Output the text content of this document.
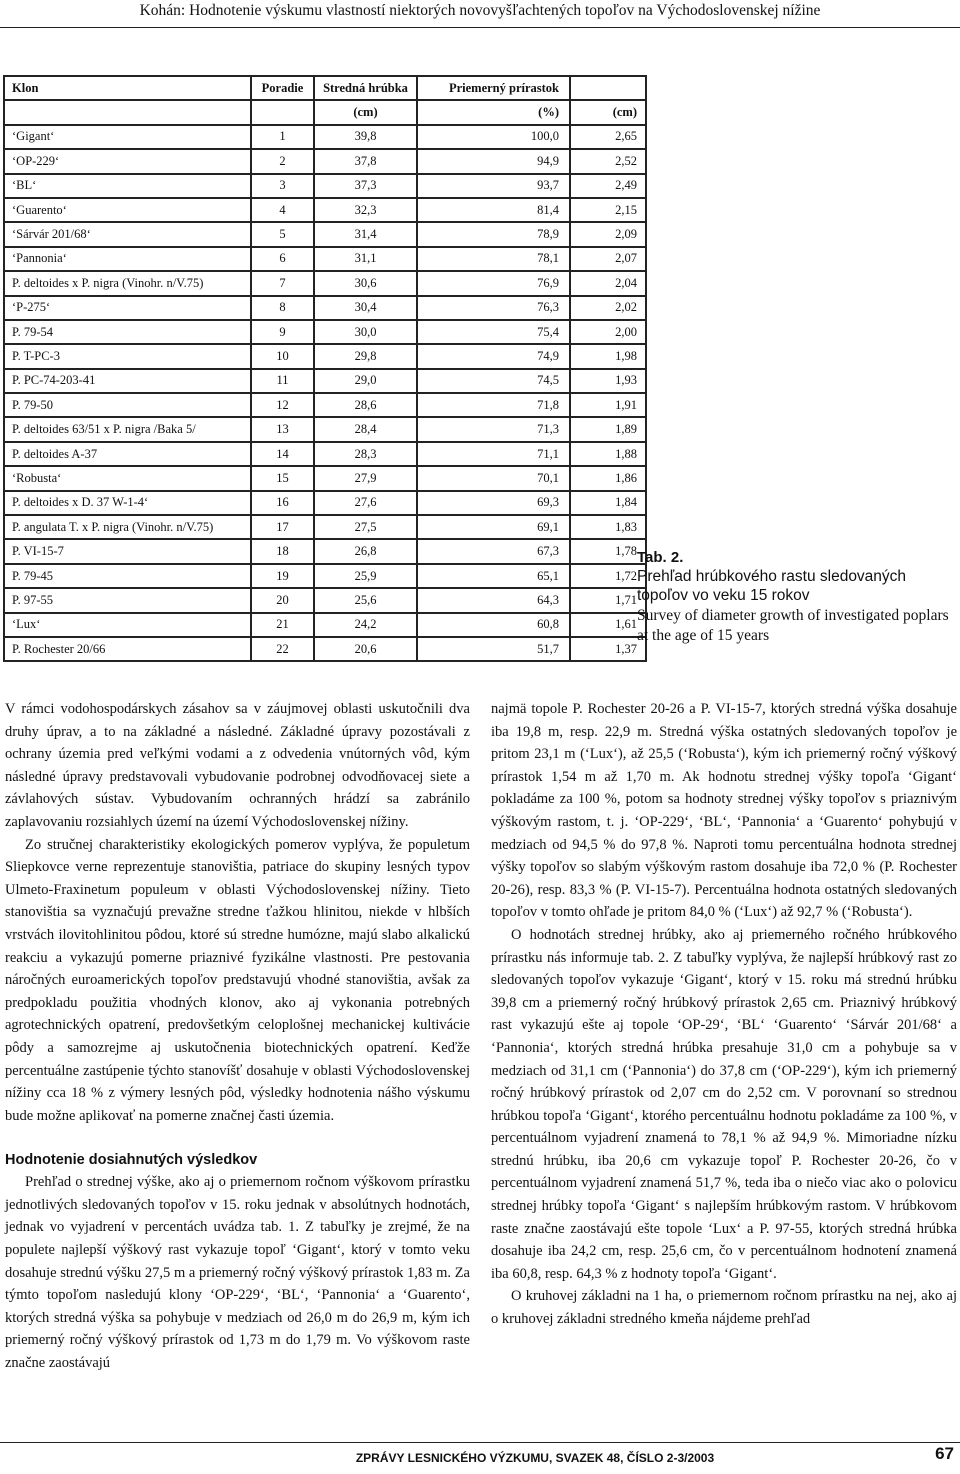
Kohán: Hodnotenie výskumu vlastností niektorých novovyšľachtených topoľov na Východoslovenskej nížine
Klon	Poradie	Stredná hrúbka	Priemerný prírastok	
		(cm)	(%)	(cm)
‘Gigant‘	1	39,8	100,0	2,65
‘OP-229‘	2	37,8	94,9	2,52
‘BL‘	3	37,3	93,7	2,49
‘Guarento‘	4	32,3	81,4	2,15
‘Sárvár 201/68‘	5	31,4	78,9	2,09
‘Pannonia‘	6	31,1	78,1	2,07
P. deltoides x P. nigra (Vinohr. n/V.75)	7	30,6	76,9	2,04
‘P-275‘	8	30,4	76,3	2,02
P. 79-54	9	30,0	75,4	2,00
P. T-PC-3	10	29,8	74,9	1,98
P. PC-74-203-41	11	29,0	74,5	1,93
P. 79-50	12	28,6	71,8	1,91
P. deltoides 63/51 x P. nigra /Baka 5/	13	28,4	71,3	1,89
P. deltoides A-37	14	28,3	71,1	1,88
‘Robusta‘	15	27,9	70,1	1,86
P. deltoides x D. 37 W-1-4‘	16	27,6	69,3	1,84
P. angulata T. x P. nigra (Vinohr. n/V.75)	17	27,5	69,1	1,83
P. VI-15-7	18	26,8	67,3	1,78
P. 79-45	19	25,9	65,1	1,72
P. 97-55	20	25,6	64,3	1,71
‘Lux‘	21	24,2	60,8	1,61
P. Rochester 20/66	22	20,6	51,7	1,37
Tab. 2.
Prehľad hrúbkového rastu sledovaných topoľov vo veku 15 rokov
Survey of diameter growth of investigated poplars at the age of 15 years

V rámci vodohospodárskych zásahov sa v záujmovej oblasti uskutočnili dva druhy úprav, a to na základné a následné. Základné úpravy pozostávali z ochrany územia pred veľkými vodami a z odvedenia vnútorných vôd, kým následné úpravy predstavovali vybudovanie podrobnej odvodňovacej siete a závlahových sústav. Vybudovaním ochranných hrádzí sa zabránilo zaplavovaniu rozsiahlych území na území Východoslovenskej nížiny.

Zo stručnej charakteristiky ekologických pomerov vyplýva, že populetum Sliepkovce verne reprezentuje stanovištia, patriace do skupiny lesných typov Ulmeto-Fraxinetum populeum v oblasti Východoslovenskej nížiny. Tieto stanovištia sa vyznačujú prevažne stredne ťažkou hlinitou, niekde v hlbších vrstvách ilovitohlinitou pôdou, ktoré sú stredne humózne, majú slabo alkalickú reakciu a vykazujú pomerne priaznivé fyzikálne vlastnosti. Pre pestovania náročných euroamerických topoľov predstavujú vhodné stanovištia, avšak za predpokladu použitia vhodných klonov, ako aj vykonania potrebných agrotechnických opatrení, predovšetkým celoplošnej mechanickej kultivácie pôdy a samozrejme aj uskutočnenia biotechnických opatrení. Keďže percentuálne zastúpenie týchto stanovíšť dosahuje v oblasti Východoslovenskej nížiny cca 18 % z výmery lesných pôd, výsledky hodnotenia nášho výskumu bude možne aplikovať na pomerne značnej časti územia.

Hodnotenie dosiahnutých výsledkov

Prehľad o strednej výške, ako aj o priemernom ročnom výškovom prírastku jednotlivých sledovaných topoľov v 15. roku jednak v absolútnych hodnotách, jednak vo vyjadrení v percentách uvádza tab. 1. Z tabuľky je zrejmé, že na populete najlepší výškový rast vykazuje topoľ ‘Gigant‘, ktorý v tomto veku dosahuje strednú výšku 27,5 m a priemerný ročný výškový prírastok 1,83 m. Za týmto topoľom nasledujú klony ‘OP-229‘, ‘BL‘, ‘Pannonia‘ a ‘Guarento‘, ktorých stredná výška sa pohybuje v medziach od 26,0 m do 26,9 m, kým ich priemerný ročný výškový prírastok od 1,73 m do 1,79 m. Vo výškovom raste značne zaostávajú

najmä topole P. Rochester 20-26 a P. VI-15-7, ktorých stredná výška dosahuje iba 19,8 m, resp. 22,9 m. Stredná výška ostatných sledovaných topoľov je pritom 23,1 m (‘Lux‘), až 25,5 (‘Robusta‘), kým ich priemerný ročný výškový prírastok 1,54 m až 1,70 m. Ak hodnotu strednej výšky topoľa ‘Gigant‘ pokladáme za 100 %, potom sa hodnoty strednej výšky topoľov s priaznivým výškovým rastom, t. j. ‘OP-229‘, ‘BL‘, ‘Pannonia‘ a ‘Guarento‘ pohybujú v medziach od 94,5 % do 97,8 %. Naproti tomu percentuálna hodnota strednej výšky topoľov so slabým výškovým rastom dosahuje iba 72,0 % (P. Rochester 20-26), resp. 83,3 % (P. VI-15-7). Percentuálna hodnota ostatných sledovaných topoľov v tomto ohľade je pritom 84,0 % (‘Lux‘) až 92,7 % (‘Robusta‘).

O hodnotách strednej hrúbky, ako aj priemerného ročného hrúbkového prírastku nás informuje tab. 2. Z tabuľky vyplýva, že najlepší hrúbkový rast zo sledovaných topoľov vykazuje ‘Gigant‘, ktorý v 15. roku má strednú hrúbku 39,8 cm a priemerný ročný hrúbkový prírastok 2,65 cm. Priaznivý hrúbkový rast vykazujú ešte aj topole ‘OP-29‘, ‘BL‘ ‘Guarento‘ ‘Sárvár 201/68‘ a ‘Pannonia‘, ktorých stredná hrúbka presahuje 31,0 cm a pohybuje sa v medziach od 31,1 cm (‘Pannonia‘) do 37,8 cm (‘OP-229‘), kým ich priemerný ročný hrúbkový prírastok od 2,07 cm do 2,52 cm. V porovnaní so strednou hrúbkou topoľa ‘Gigant‘, ktorého percentuálnu hodnotu pokladáme za 100 %, v percentuálnom vyjadrení znamená to 78,1 % až 94,9 %. Mimoriadne nízku strednú hrúbku, iba 20,6 cm vykazuje topoľ P. Rochester 20-26, čo v percentuálnom vyjadrení znamená 51,7 %, teda iba o niečo viac ako o polovicu strednej hrúbky topoľa ‘Gigant‘ s najlepším hrúbkovým rastom. V hrúbkovom raste značne zaostávajú ešte topole ‘Lux‘ a P. 97-55, ktorých stredná hrúbka dosahuje iba 24,2 cm, resp. 25,6 cm, čo v percentuálnom hodnotení znamená iba 60,8, resp. 64,3 % z hodnoty topoľa ‘Gigant‘.

O kruhovej základni na 1 ha, o priemernom ročnom prírastku na nej, ako aj o kruhovej základni stredného kmeňa nájdeme prehľad

ZPRÁVY LESNICKÉHO VÝZKUMU, SVAZEK 48, ČÍSLO 2-3/2003	67
